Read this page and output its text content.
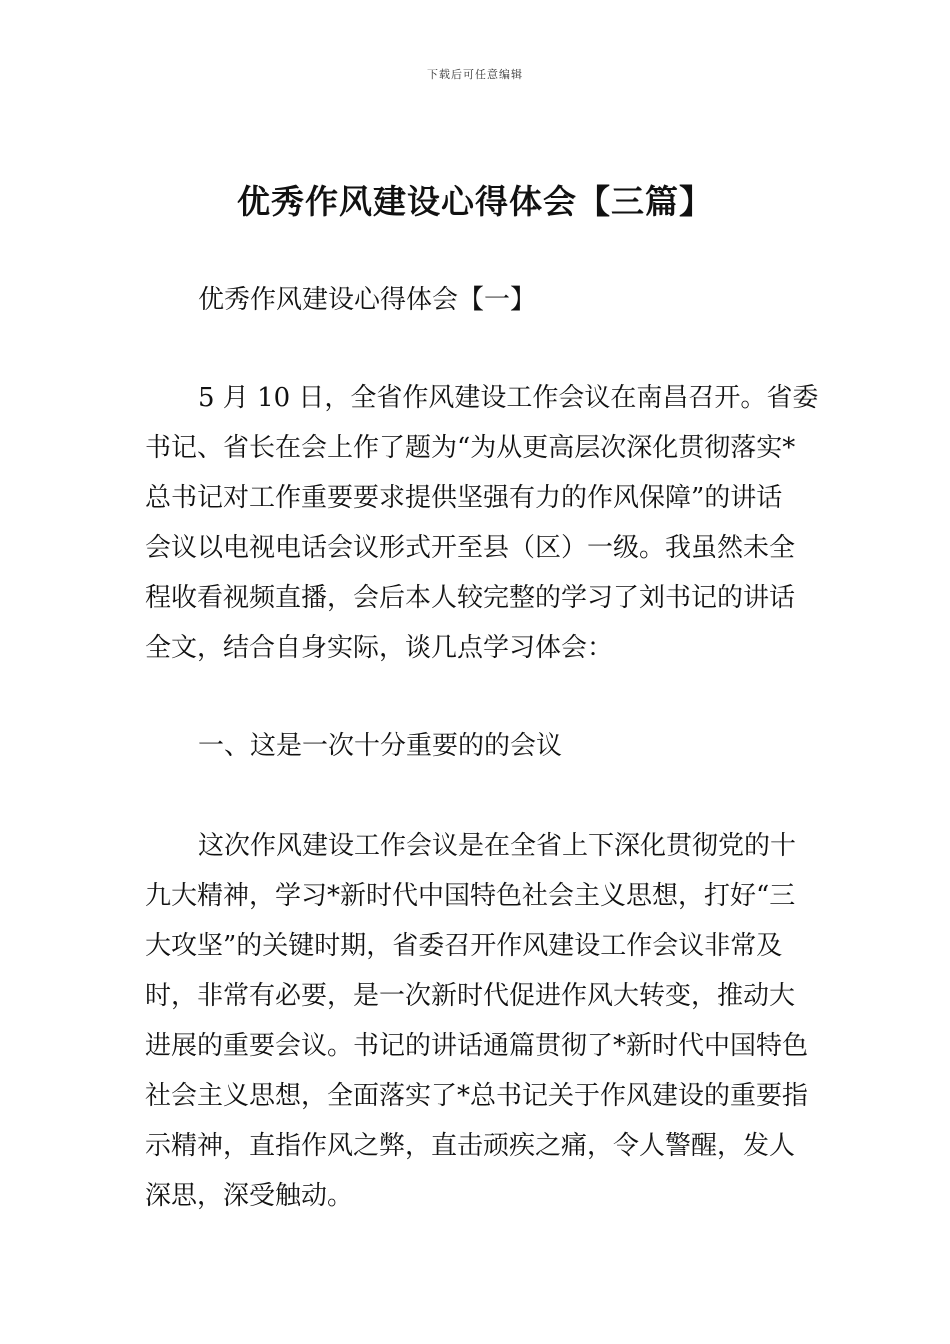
下载后可任意编辑
优秀作风建设心得体会【三篇】
优秀作风建设心得体会【一】
5 月 10 日，全省作风建设工作会议在南昌召开。省委
书记、省长在会上作了题为“为从更高层次深化贯彻落实*
总书记对工作重要要求提供坚强有力的作风保障”的讲话
会议以电视电话会议形式开至县（区）一级。我虽然未全
程收看视频直播，会后本人较完整的学习了刘书记的讲话
全文，结合自身实际，谈几点学习体会：
一、这是一次十分重要的的会议
这次作风建设工作会议是在全省上下深化贯彻党的十
九大精神，学习*新时代中国特色社会主义思想，打好“三
大攻坚”的关键时期，省委召开作风建设工作会议非常及
时，非常有必要，是一次新时代促进作风大转变，推动大
进展的重要会议。书记的讲话通篇贯彻了*新时代中国特色
社会主义思想，全面落实了*总书记关于作风建设的重要指
示精神，直指作风之弊，直击顽疾之痛，令人警醒，发人
深思，深受触动。
